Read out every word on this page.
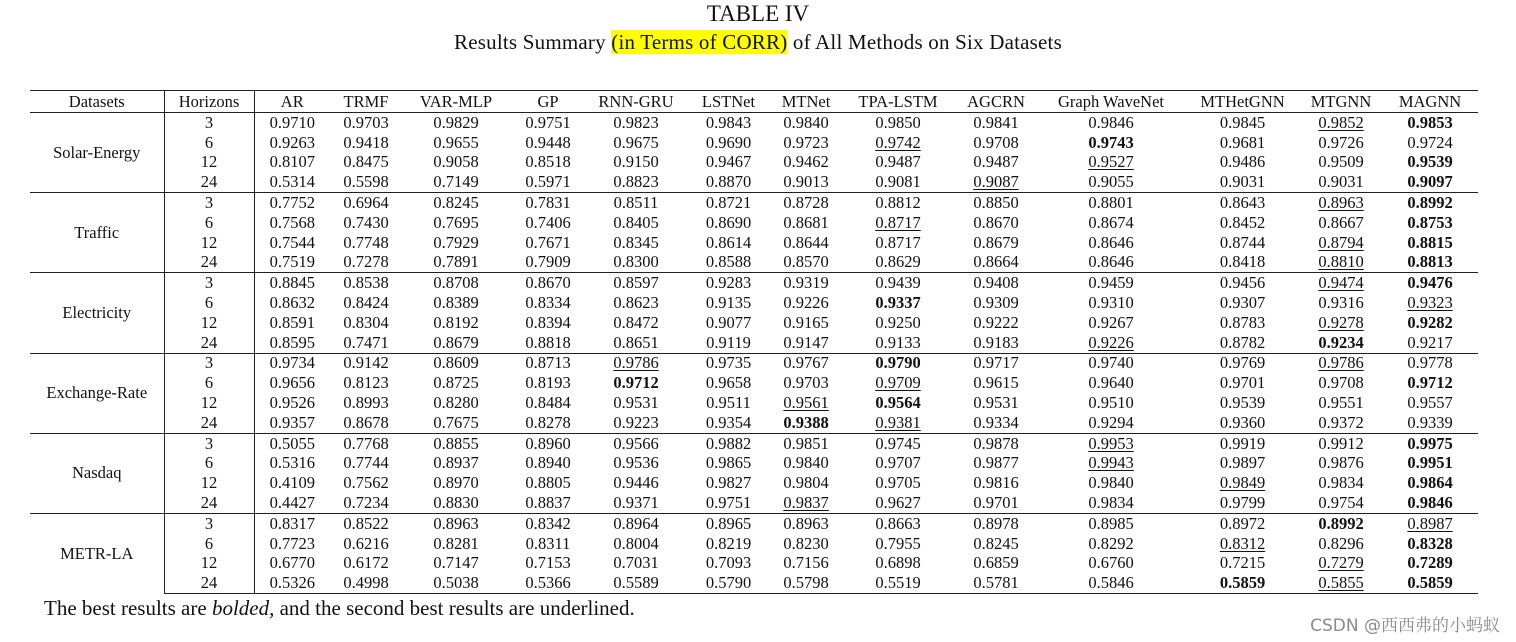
TABLE IV
Results Summary (in Terms of CORR) of All Methods on Six Datasets
Datasets	Horizons	AR	TRMF	VAR-MLP	GP	RNN-GRU	LSTNet	MTNet	TPA-LSTM	AGCRN	Graph WaveNet	MTHetGNN	MTGNN	MAGNN
Solar-Energy	3	0.9710	0.9703	0.9829	0.9751	0.9823	0.9843	0.9840	0.9850	0.9841	0.9846	0.9845	0.9852	0.9853
	6	0.9263	0.9418	0.9655	0.9448	0.9675	0.9690	0.9723	0.9742	0.9708	0.9743	0.9681	0.9726	0.9724
	12	0.8107	0.8475	0.9058	0.8518	0.9150	0.9467	0.9462	0.9487	0.9487	0.9527	0.9486	0.9509	0.9539
	24	0.5314	0.5598	0.7149	0.5971	0.8823	0.8870	0.9013	0.9081	0.9087	0.9055	0.9031	0.9031	0.9097
Traffic	3	0.7752	0.6964	0.8245	0.7831	0.8511	0.8721	0.8728	0.8812	0.8850	0.8801	0.8643	0.8963	0.8992
	6	0.7568	0.7430	0.7695	0.7406	0.8405	0.8690	0.8681	0.8717	0.8670	0.8674	0.8452	0.8667	0.8753
	12	0.7544	0.7748	0.7929	0.7671	0.8345	0.8614	0.8644	0.8717	0.8679	0.8646	0.8744	0.8794	0.8815
	24	0.7519	0.7278	0.7891	0.7909	0.8300	0.8588	0.8570	0.8629	0.8664	0.8646	0.8418	0.8810	0.8813
Electricity	3	0.8845	0.8538	0.8708	0.8670	0.8597	0.9283	0.9319	0.9439	0.9408	0.9459	0.9456	0.9474	0.9476
	6	0.8632	0.8424	0.8389	0.8334	0.8623	0.9135	0.9226	0.9337	0.9309	0.9310	0.9307	0.9316	0.9323
	12	0.8591	0.8304	0.8192	0.8394	0.8472	0.9077	0.9165	0.9250	0.9222	0.9267	0.8783	0.9278	0.9282
	24	0.8595	0.7471	0.8679	0.8818	0.8651	0.9119	0.9147	0.9133	0.9183	0.9226	0.8782	0.9234	0.9217
Exchange-Rate	3	0.9734	0.9142	0.8609	0.8713	0.9786	0.9735	0.9767	0.9790	0.9717	0.9740	0.9769	0.9786	0.9778
	6	0.9656	0.8123	0.8725	0.8193	0.9712	0.9658	0.9703	0.9709	0.9615	0.9640	0.9701	0.9708	0.9712
	12	0.9526	0.8993	0.8280	0.8484	0.9531	0.9511	0.9561	0.9564	0.9531	0.9510	0.9539	0.9551	0.9557
	24	0.9357	0.8678	0.7675	0.8278	0.9223	0.9354	0.9388	0.9381	0.9334	0.9294	0.9360	0.9372	0.9339
Nasdaq	3	0.5055	0.7768	0.8855	0.8960	0.9566	0.9882	0.9851	0.9745	0.9878	0.9953	0.9919	0.9912	0.9975
	6	0.5316	0.7744	0.8937	0.8940	0.9536	0.9865	0.9840	0.9707	0.9877	0.9943	0.9897	0.9876	0.9951
	12	0.4109	0.7562	0.8970	0.8805	0.9446	0.9827	0.9804	0.9705	0.9816	0.9840	0.9849	0.9834	0.9864
	24	0.4427	0.7234	0.8830	0.8837	0.9371	0.9751	0.9837	0.9627	0.9701	0.9834	0.9799	0.9754	0.9846
METR-LA	3	0.8317	0.8522	0.8963	0.8342	0.8964	0.8965	0.8963	0.8663	0.8978	0.8985	0.8972	0.8992	0.8987
	6	0.7723	0.6216	0.8281	0.8311	0.8004	0.8219	0.8230	0.7955	0.8245	0.8292	0.8312	0.8296	0.8328
	12	0.6770	0.6172	0.7147	0.7153	0.7031	0.7093	0.7156	0.6898	0.6859	0.6760	0.7215	0.7279	0.7289
	24	0.5326	0.4998	0.5038	0.5366	0.5589	0.5790	0.5798	0.5519	0.5781	0.5846	0.5859	0.5855	0.5859
The best results are bolded, and the second best results are underlined.
CSDN @西西弗的小蚂蚁
